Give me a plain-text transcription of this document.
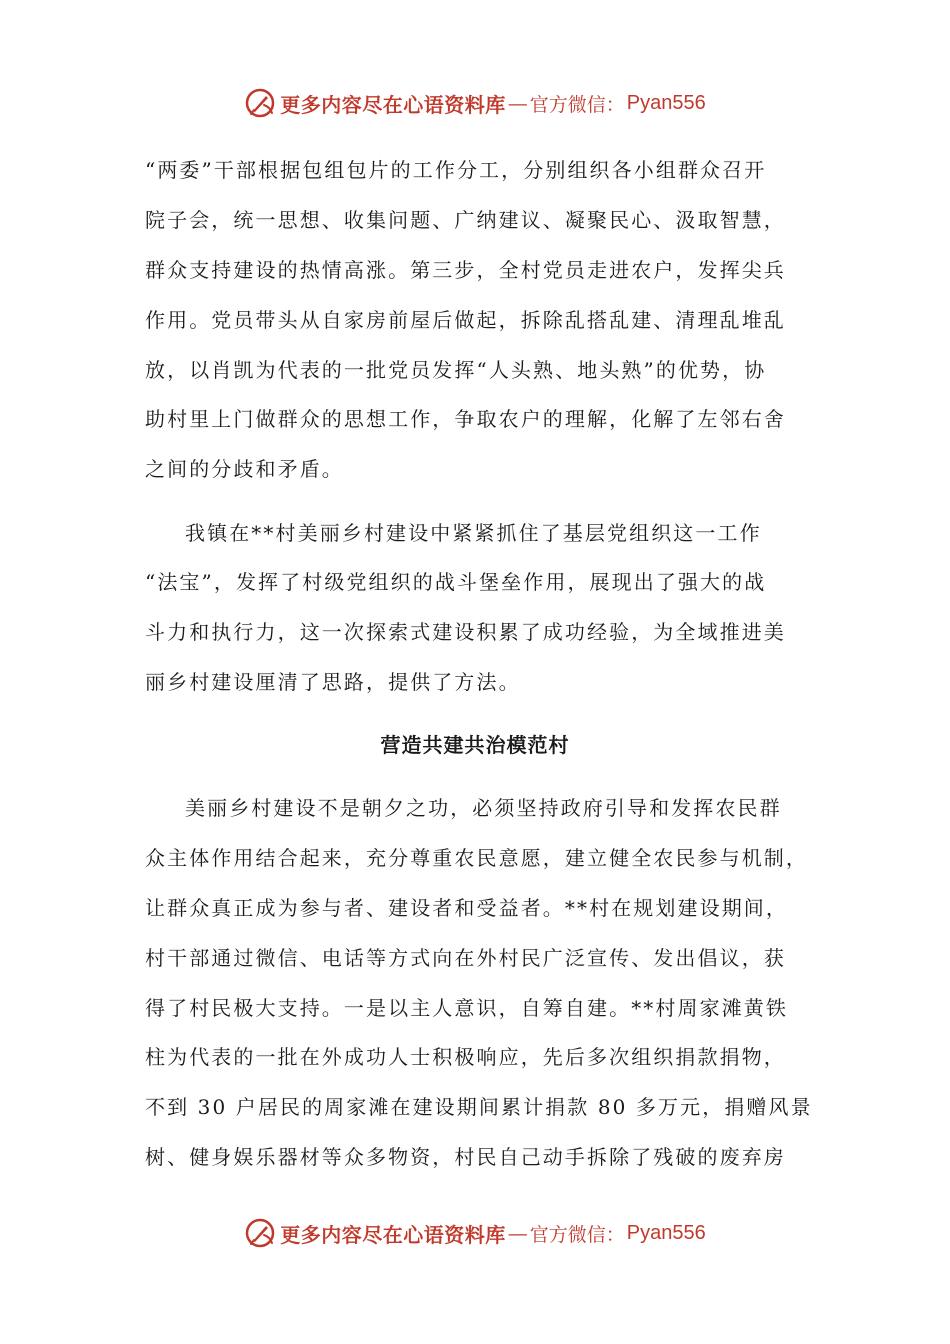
更多内容尽在心语资料库 — 官方微信： Pyan556
“两委”干部根据包组包片的工作分工，分别组织各小组群众召开
院子会，统一思想、收集问题、广纳建议、凝聚民心、汲取智慧，
群众支持建设的热情高涨。第三步，全村党员走进农户，发挥尖兵
作用。党员带头从自家房前屋后做起，拆除乱搭乱建、清理乱堆乱
放，以肖凯为代表的一批党员发挥“人头熟、地头熟”的优势，协
助村里上门做群众的思想工作，争取农户的理解，化解了左邻右舍
之间的分歧和矛盾。
我镇在**村美丽乡村建设中紧紧抓住了基层党组织这一工作
“法宝”，发挥了村级党组织的战斗堡垒作用，展现出了强大的战
斗力和执行力，这一次探索式建设积累了成功经验，为全域推进美
丽乡村建设厘清了思路，提供了方法。
营造共建共治模范村
美丽乡村建设不是朝夕之功，必须坚持政府引导和发挥农民群
众主体作用结合起来，充分尊重农民意愿，建立健全农民参与机制，
让群众真正成为参与者、建设者和受益者。**村在规划建设期间，
村干部通过微信、电话等方式向在外村民广泛宣传、发出倡议，获
得了村民极大支持。一是以主人意识，自筹自建。**村周家滩黄铁
柱为代表的一批在外成功人士积极响应，先后多次组织捐款捐物，
不到 30 户居民的周家滩在建设期间累计捐款 80 多万元，捐赠风景
树、健身娱乐器材等众多物资，村民自己动手拆除了残破的废弃房
更多内容尽在心语资料库 — 官方微信： Pyan556
